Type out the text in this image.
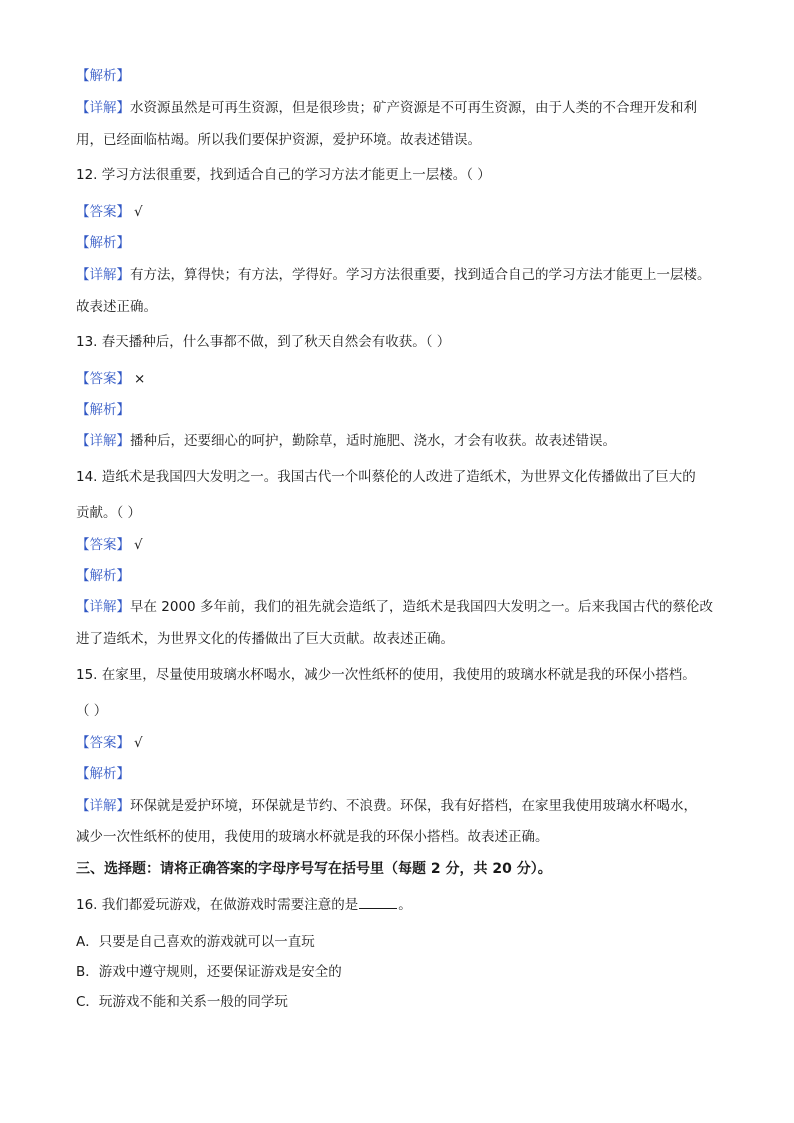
【解析】
【详解】水资源虽然是可再生资源，但是很珍贵；矿产资源是不可再生资源，由于人类的不合理开发和利
用，已经面临枯竭。所以我们要保护资源，爱护环境。故表述错误。
12. 学习方法很重要，找到适合自己的学习方法才能更上一层楼。（ ）
【答案】 √
【解析】
【详解】有方法，算得快；有方法，学得好。学习方法很重要，找到适合自己的学习方法才能更上一层楼。
故表述正确。
13. 春天播种后，什么事都不做，到了秋天自然会有收获。（ ）
【答案】 ×
【解析】
【详解】播种后，还要细心的呵护，勤除草，适时施肥、浇水，才会有收获。故表述错误。
14. 造纸术是我国四大发明之一。我国古代一个叫蔡伦的人改进了造纸术，为世界文化传播做出了巨大的
贡献。（ ）
【答案】 √
【解析】
【详解】早在 2000 多年前，我们的祖先就会造纸了，造纸术是我国四大发明之一。后来我国古代的蔡伦改
进了造纸术，为世界文化的传播做出了巨大贡献。故表述正确。
15. 在家里，尽量使用玻璃水杯喝水，减少一次性纸杯的使用，我使用的玻璃水杯就是我的环保小搭档。
（ ）
【答案】 √
【解析】
【详解】环保就是爱护环境，环保就是节约、不浪费。环保，我有好搭档，在家里我使用玻璃水杯喝水，
减少一次性纸杯的使用，我使用的玻璃水杯就是我的环保小搭档。故表述正确。
三、选择题：请将正确答案的字母序号写在括号里（每题 2 分，共 20 分）。
16. 我们都爱玩游戏，在做游戏时需要注意的是	。
A．只要是自己喜欢的游戏就可以一直玩
B．游戏中遵守规则，还要保证游戏是安全的
C．玩游戏不能和关系一般的同学玩
